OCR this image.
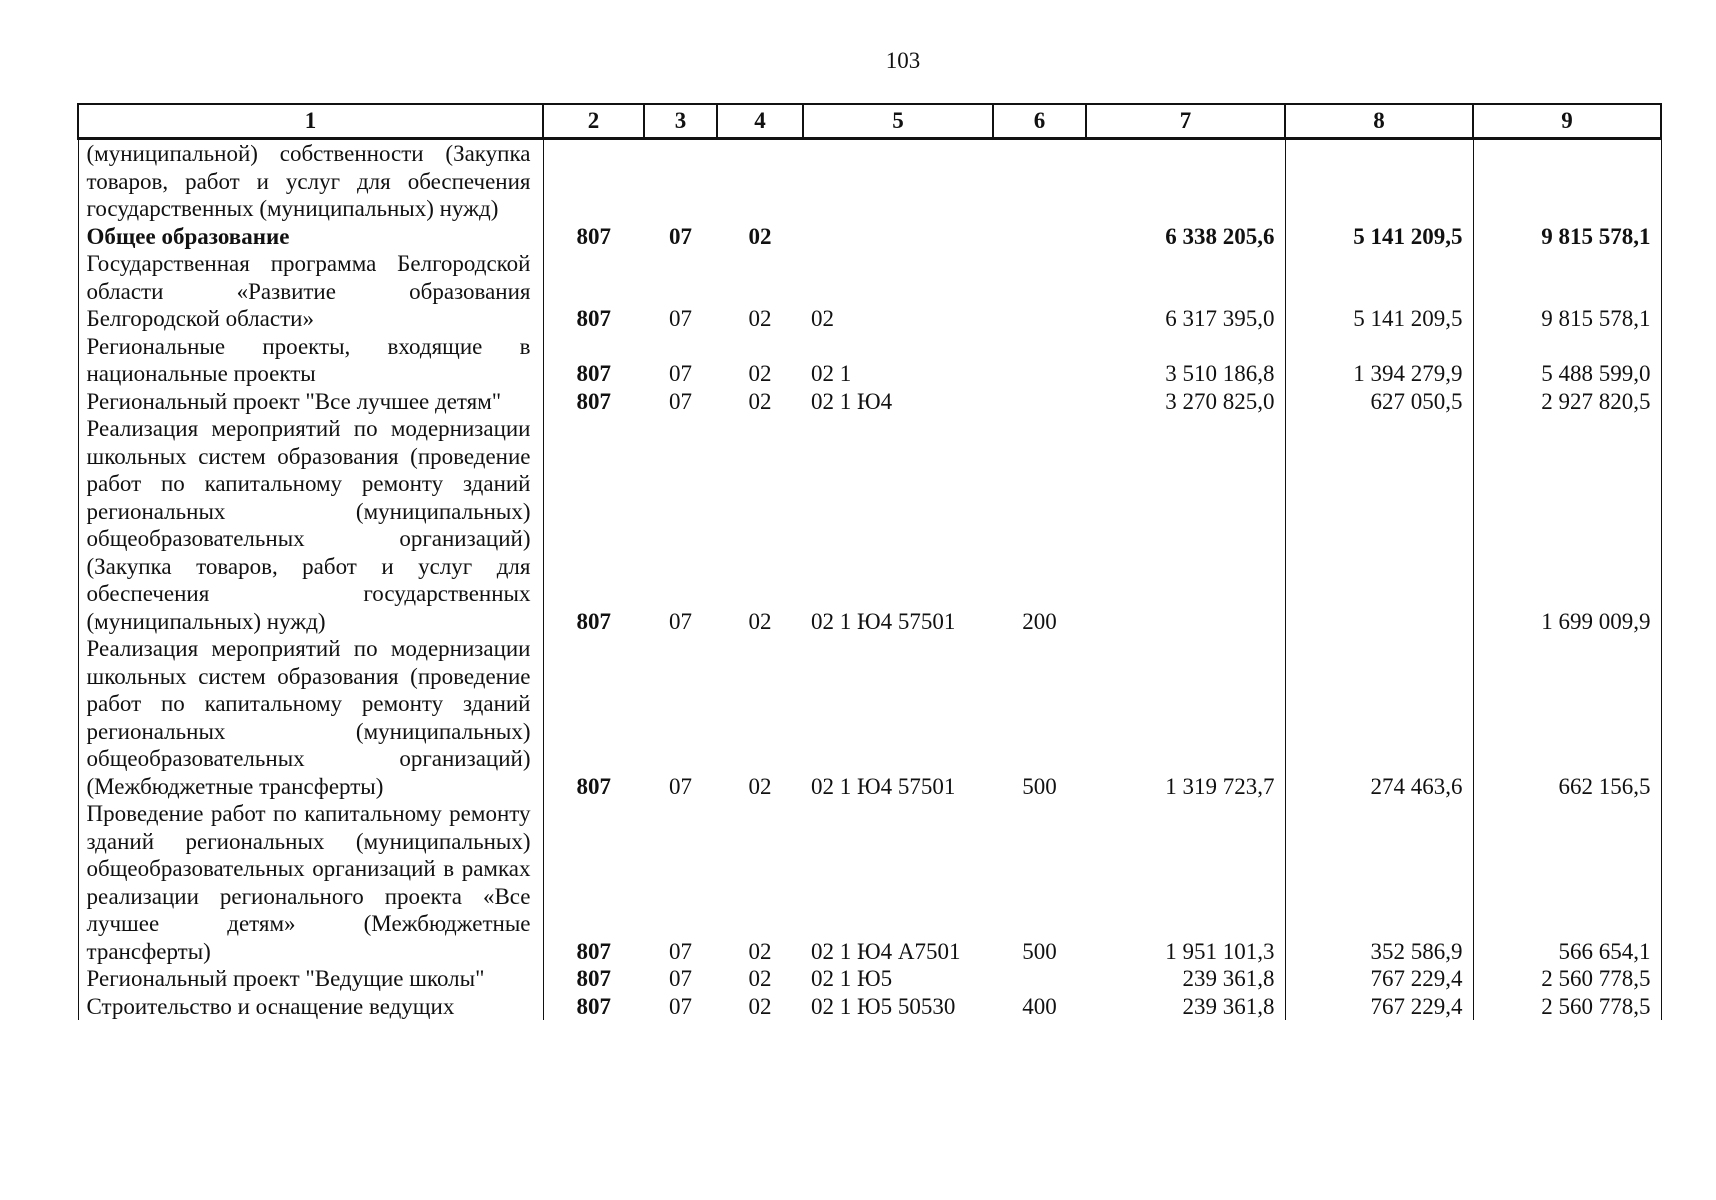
103
1	2	3	4	5	6	7	8	9
(муниципальной) собственности (Закупка товаров, работ и услуг для обеспечения государственных (муниципальных) нужд)								
Общее образование	807	07	02			6 338 205,6	5 141 209,5	9 815 578,1
Государственная программа Белгородской области «Развитие образования Белгородской области»	807	07	02	02		6 317 395,0	5 141 209,5	9 815 578,1
Региональные проекты, входящие в национальные проекты	807	07	02	02 1		3 510 186,8	1 394 279,9	5 488 599,0
Региональный проект "Все лучшее детям"	807	07	02	02 1 Ю4		3 270 825,0	627 050,5	2 927 820,5
Реализация мероприятий по модернизации школьных систем образования (проведение работ по капитальному ремонту зданий региональных (муниципальных) общеобразовательных организаций) (Закупка товаров, работ и услуг для обеспечения государственных (муниципальных) нужд)	807	07	02	02 1 Ю4 57501	200			1 699 009,9
Реализация мероприятий по модернизации школьных систем образования (проведение работ по капитальному ремонту зданий региональных (муниципальных) общеобразовательных организаций) (Межбюджетные трансферты)	807	07	02	02 1 Ю4 57501	500	1 319 723,7	274 463,6	662 156,5
Проведение работ по капитальному ремонту зданий региональных (муниципальных) общеобразовательных организаций в рамках реализации регионального проекта «Все лучшее детям» (Межбюджетные трансферты)	807	07	02	02 1 Ю4 А7501	500	1 951 101,3	352 586,9	566 654,1
Региональный проект "Ведущие школы"	807	07	02	02 1 Ю5		239 361,8	767 229,4	2 560 778,5
Строительство и оснащение ведущих	807	07	02	02 1 Ю5 50530	400	239 361,8	767 229,4	2 560 778,5
